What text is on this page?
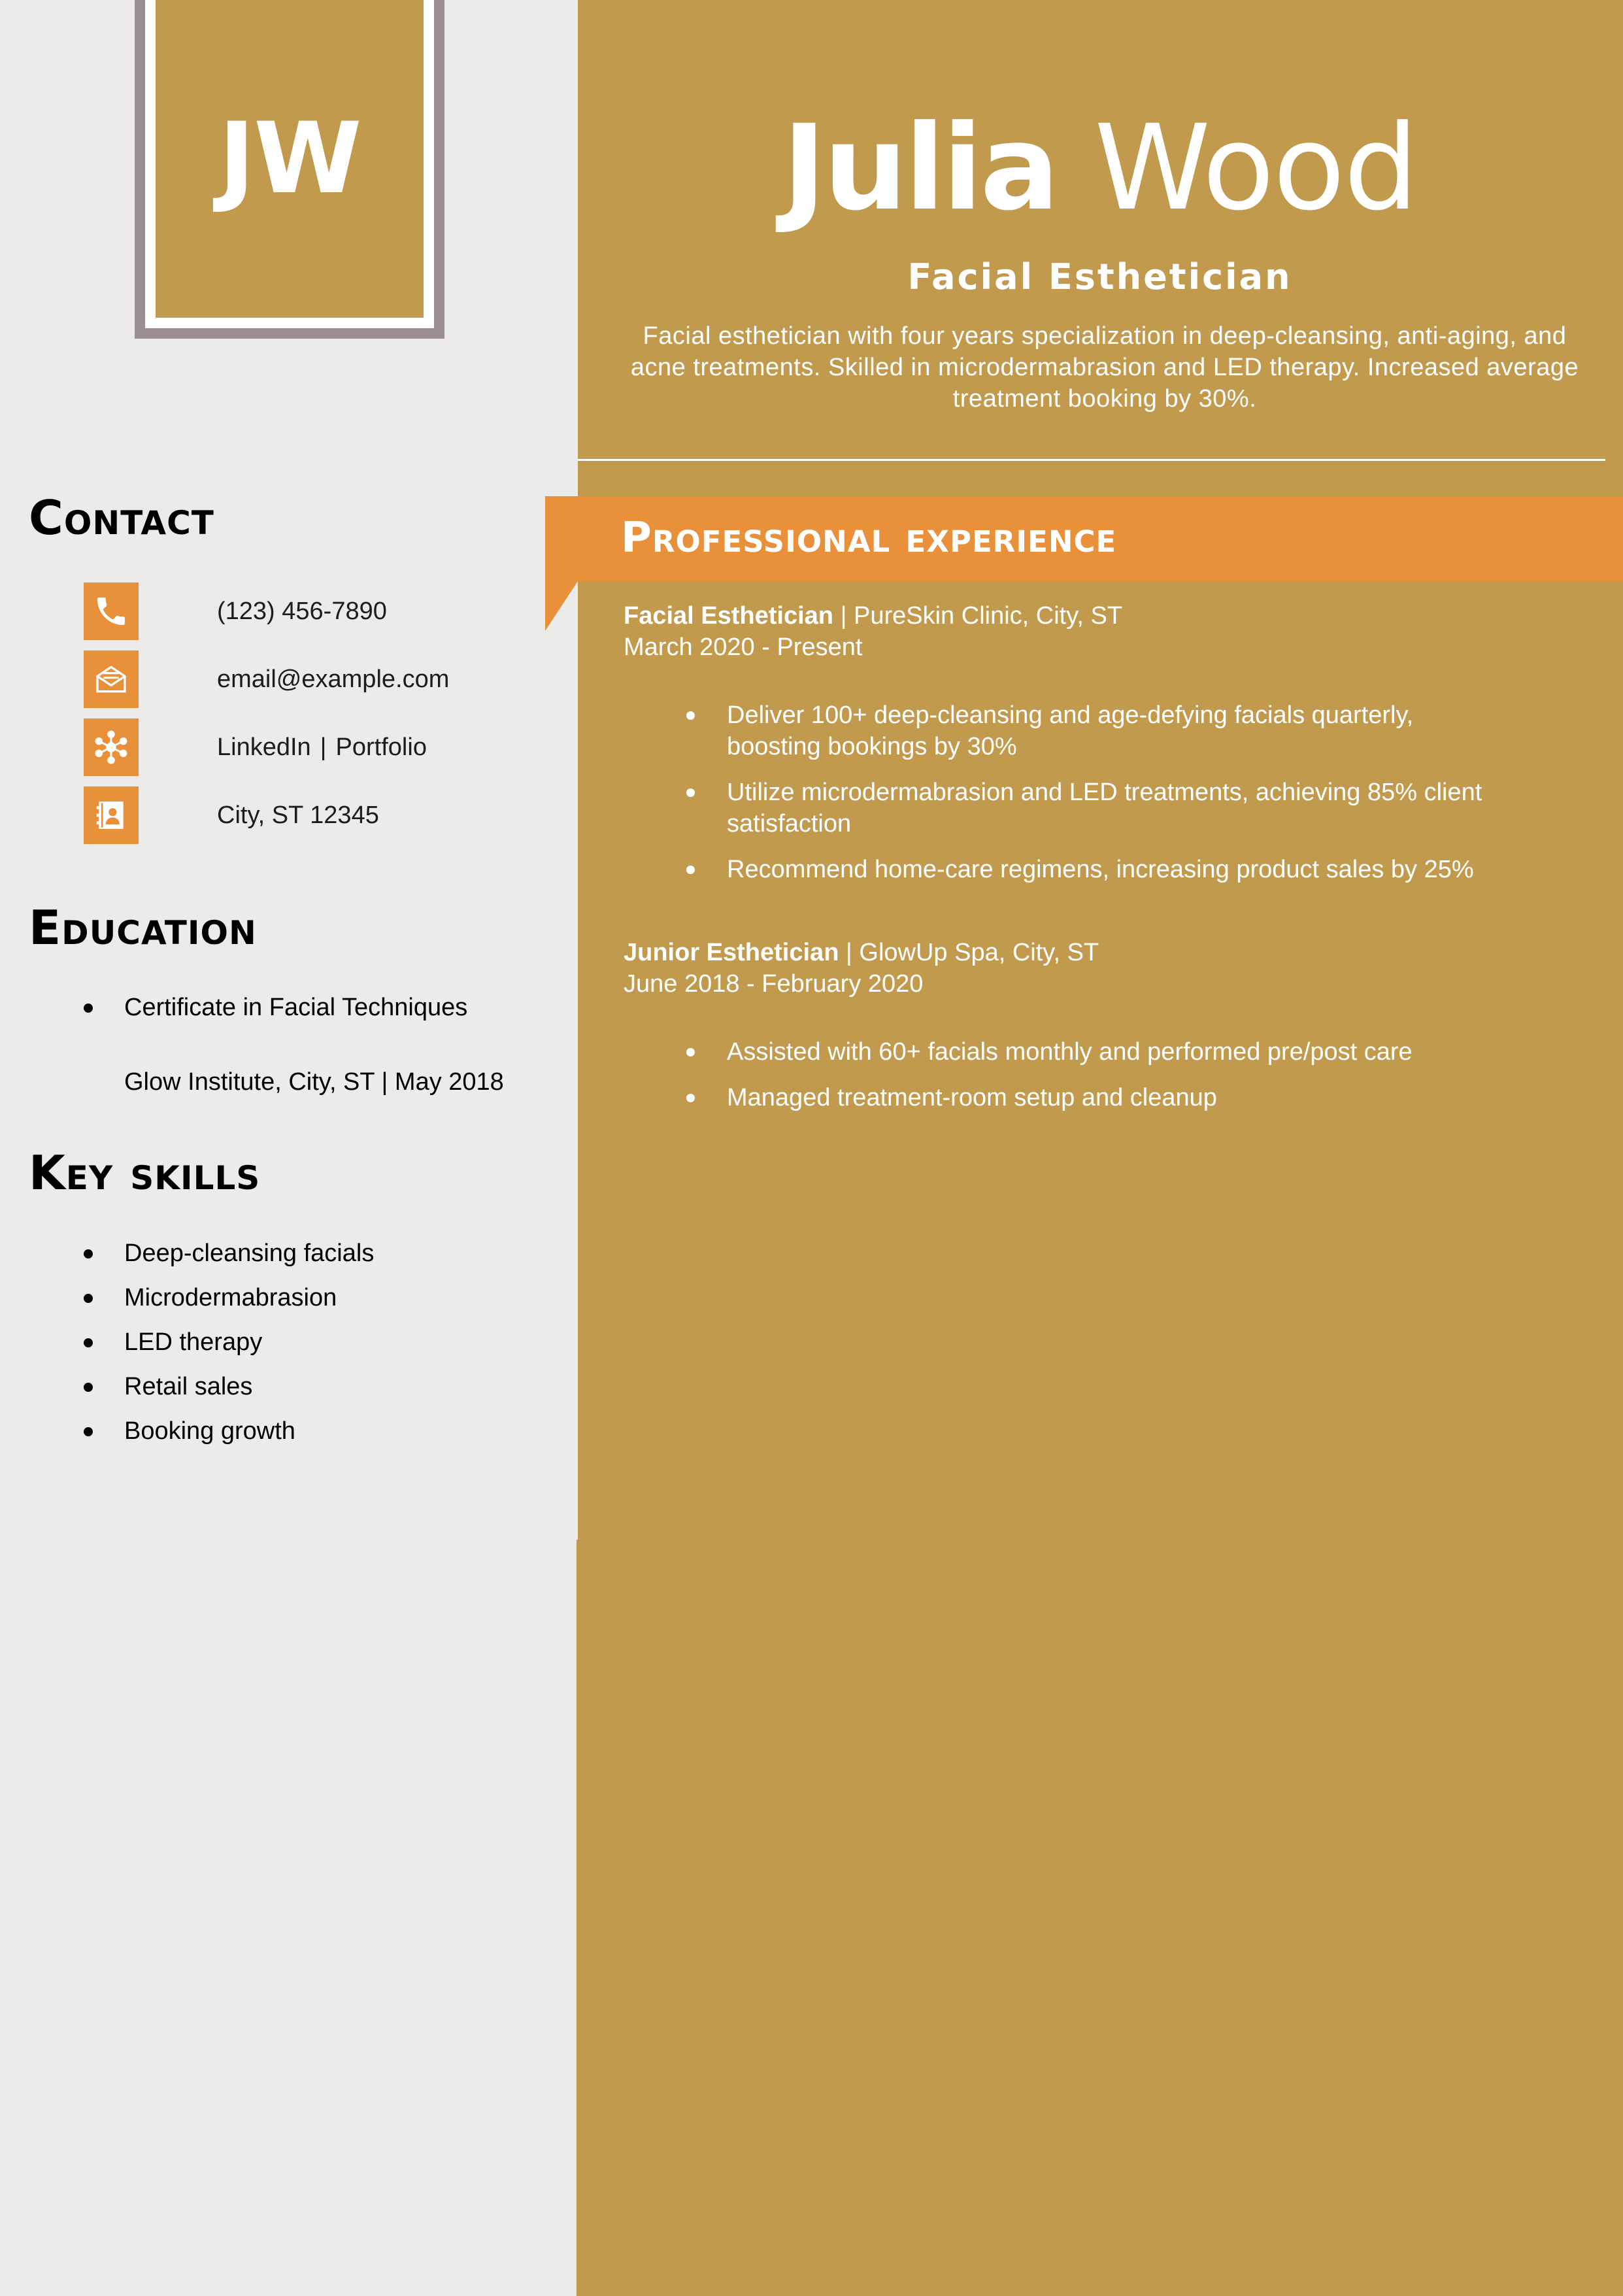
JW	Julia Wood
Facial Esthetician
Facial esthetician with four years specialization in deep-cleansing, anti-aging, and acne treatments. Skilled in microdermabrasion and LED therapy. Increased average treatment booking by 30%.
Professional experience
Facial Esthetician | PureSkin Clinic, City, ST
March 2020 - Present
Deliver 100+ deep-cleansing and age-defying facials quarterly, boosting bookings by 30%
Utilize microdermabrasion and LED treatments, achieving 85% client satisfaction
Recommend home-care regimens, increasing product sales by 25%
Junior Esthetician | GlowUp Spa, City, ST
June 2018 - February 2020
Assisted with 60+ facials monthly and performed pre/post care
Managed treatment-room setup and cleanup
Contact
(123) 456-7890
email@example.com
LinkedIn | Portfolio
City, ST 12345
Education
Certificate in Facial Techniques
Glow Institute, City, ST | May 2018
Key skills
Deep-cleansing facials
Microdermabrasion
LED therapy
Retail sales
Booking growth
